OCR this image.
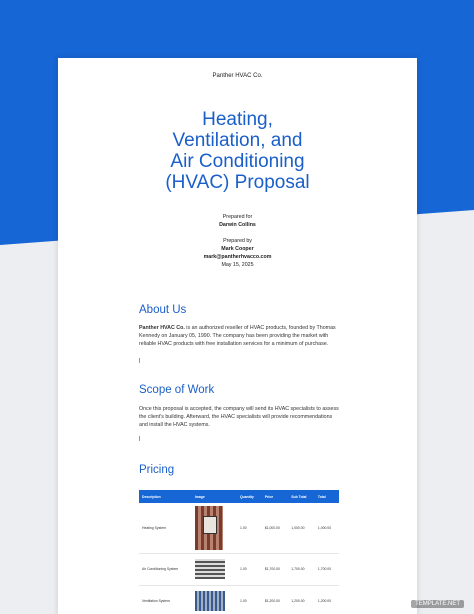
Panther HVAC Co.
Heating,
Ventilation, and
Air Conditioning
(HVAC) Proposal
Prepared for
Darwin Collins
Prepared by
Mark Cooper
mark@pantherhvacco.com
May 15, 2025
About Us
Panther HVAC Co. is an authorized reseller of HVAC products, founded by Thomas Kennedy on January 05, 1990. The company has been providing the market with reliable HVAC products with free installation services for a minimum of purchase.
Scope of Work
Once this proposal is accepted, the company will send its HVAC specialists to assess the client's building. Afterward, the HVAC specialists will provide recommendations and install the HVAC systems.
Pricing
Description	Image	Quantity	Price	Sub Total	Total
Heating System		1.00	$1,000.00	1,000.00	1,000.00
Air Conditioning System		1.00	$1,700.00	1,700.00	1,700.00
Ventilation System		1.00	$1,200.00	1,200.00	1,200.00	TEMPLATE.NET
